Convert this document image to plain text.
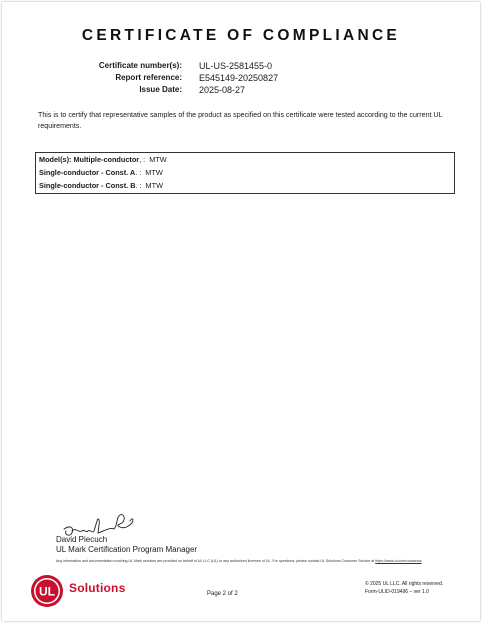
CERTIFICATE OF COMPLIANCE
Certificate number(s): UL-US-2581455-0
Report reference: E545149-20250827
Issue Date: 2025-08-27
This is to certify that representative samples of the product as specified on this certificate were tested according to the current UL requirements.
Model(s): Multiple-conductor, : MTW
Single-conductor - Const. A. : MTW
Single-conductor - Const. B. : MTW
David Piecuch
UL Mark Certification Program Manager
Any information and documentation involving UL Mark services are provided on behalf of UL LLC (UL) or any authorized licensee of UL. For questions, please contact UL Solutions Customer Service at https://www.ul.com/contactus.
UL Solutions	Page 2 of 2
© 2025 UL LLC. All rights reserved.
Form-ULID-019496 – ver 1.0
